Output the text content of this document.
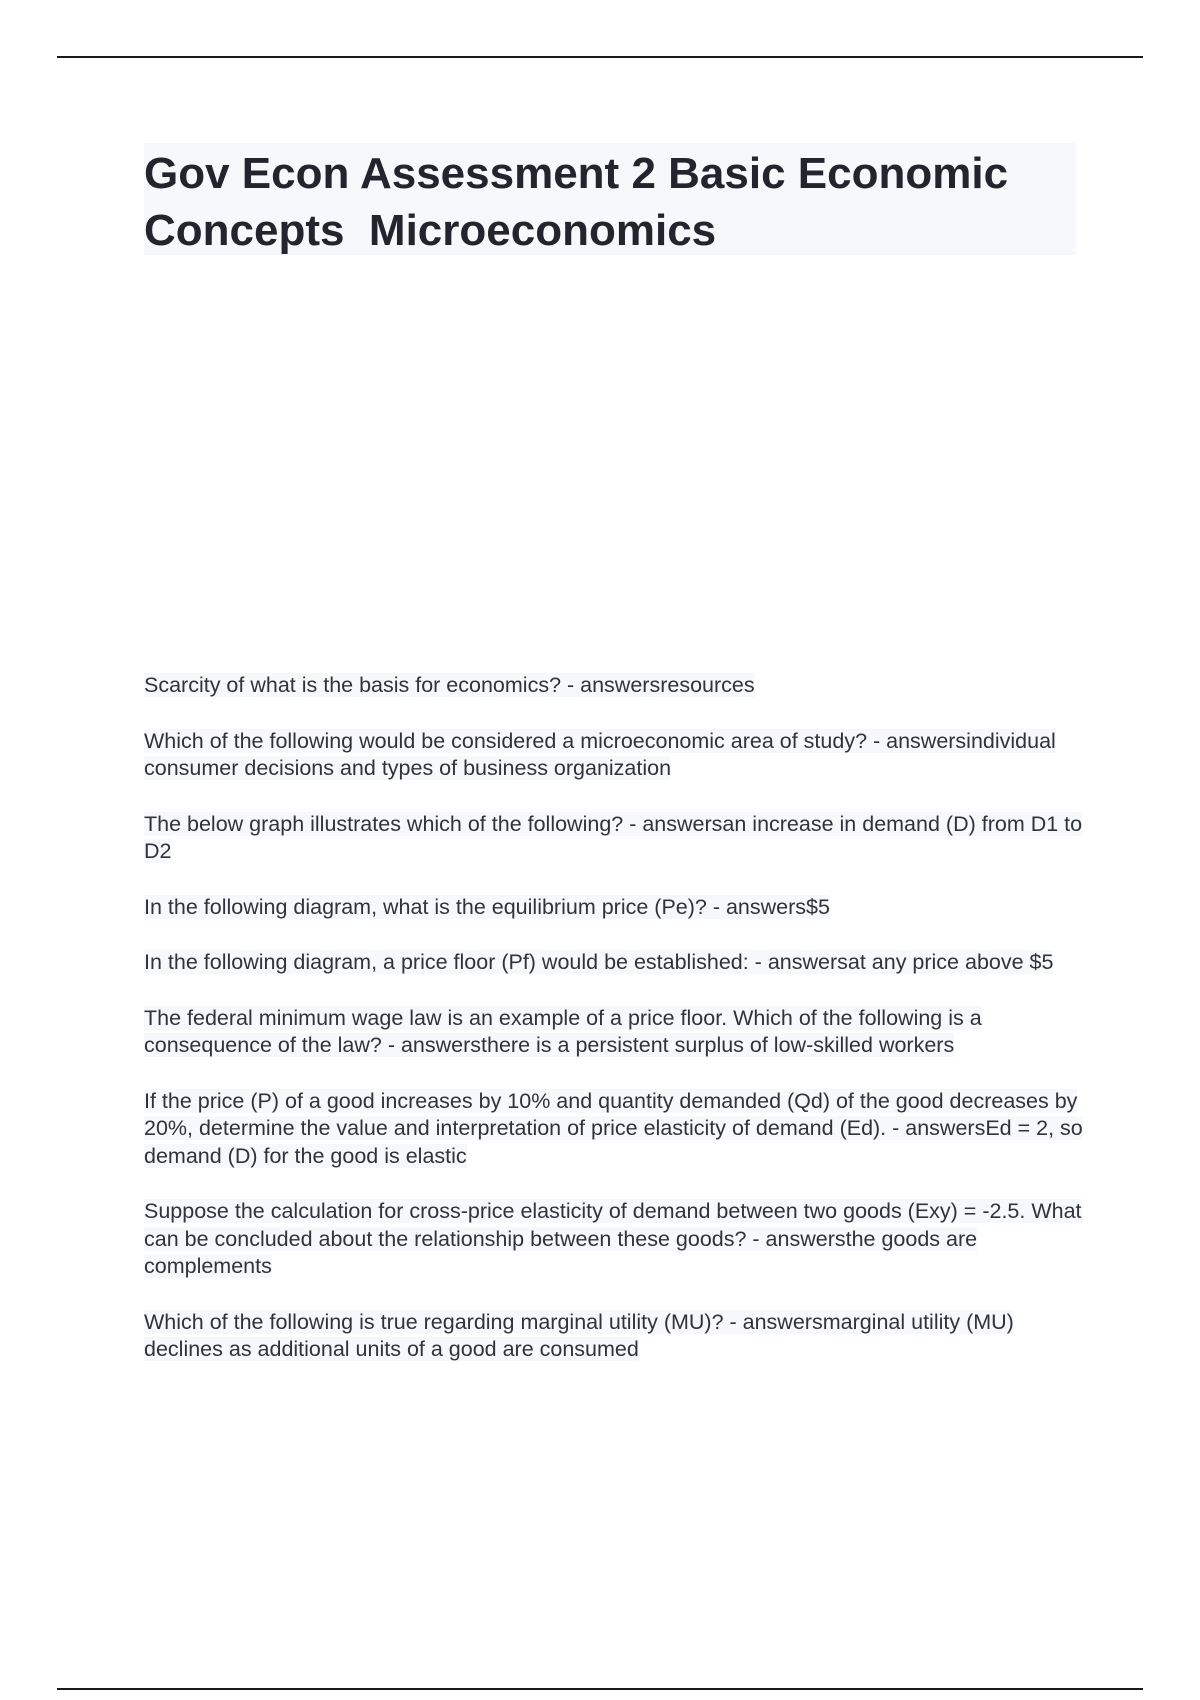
Gov Econ Assessment 2 Basic Economic Concepts  Microeconomics

Scarcity of what is the basis for economics? - answersresources

Which of the following would be considered a microeconomic area of study? - answersindividual consumer decisions and types of business organization

The below graph illustrates which of the following? - answersan increase in demand (D) from D1 to D2

In the following diagram, what is the equilibrium price (Pe)? - answers$5

In the following diagram, a price floor (Pf) would be established: - answersat any price above $5

The federal minimum wage law is an example of a price floor. Which of the following is a consequence of the law? - answersthere is a persistent surplus of low-skilled workers

If the price (P) of a good increases by 10% and quantity demanded (Qd) of the good decreases by 20%, determine the value and interpretation of price elasticity of demand (Ed). - answersEd = 2, so demand (D) for the good is elastic

Suppose the calculation for cross-price elasticity of demand between two goods (Exy) = -2.5. What can be concluded about the relationship between these goods? - answersthe goods are complements

Which of the following is true regarding marginal utility (MU)? - answersmarginal utility (MU) declines as additional units of a good are consumed
